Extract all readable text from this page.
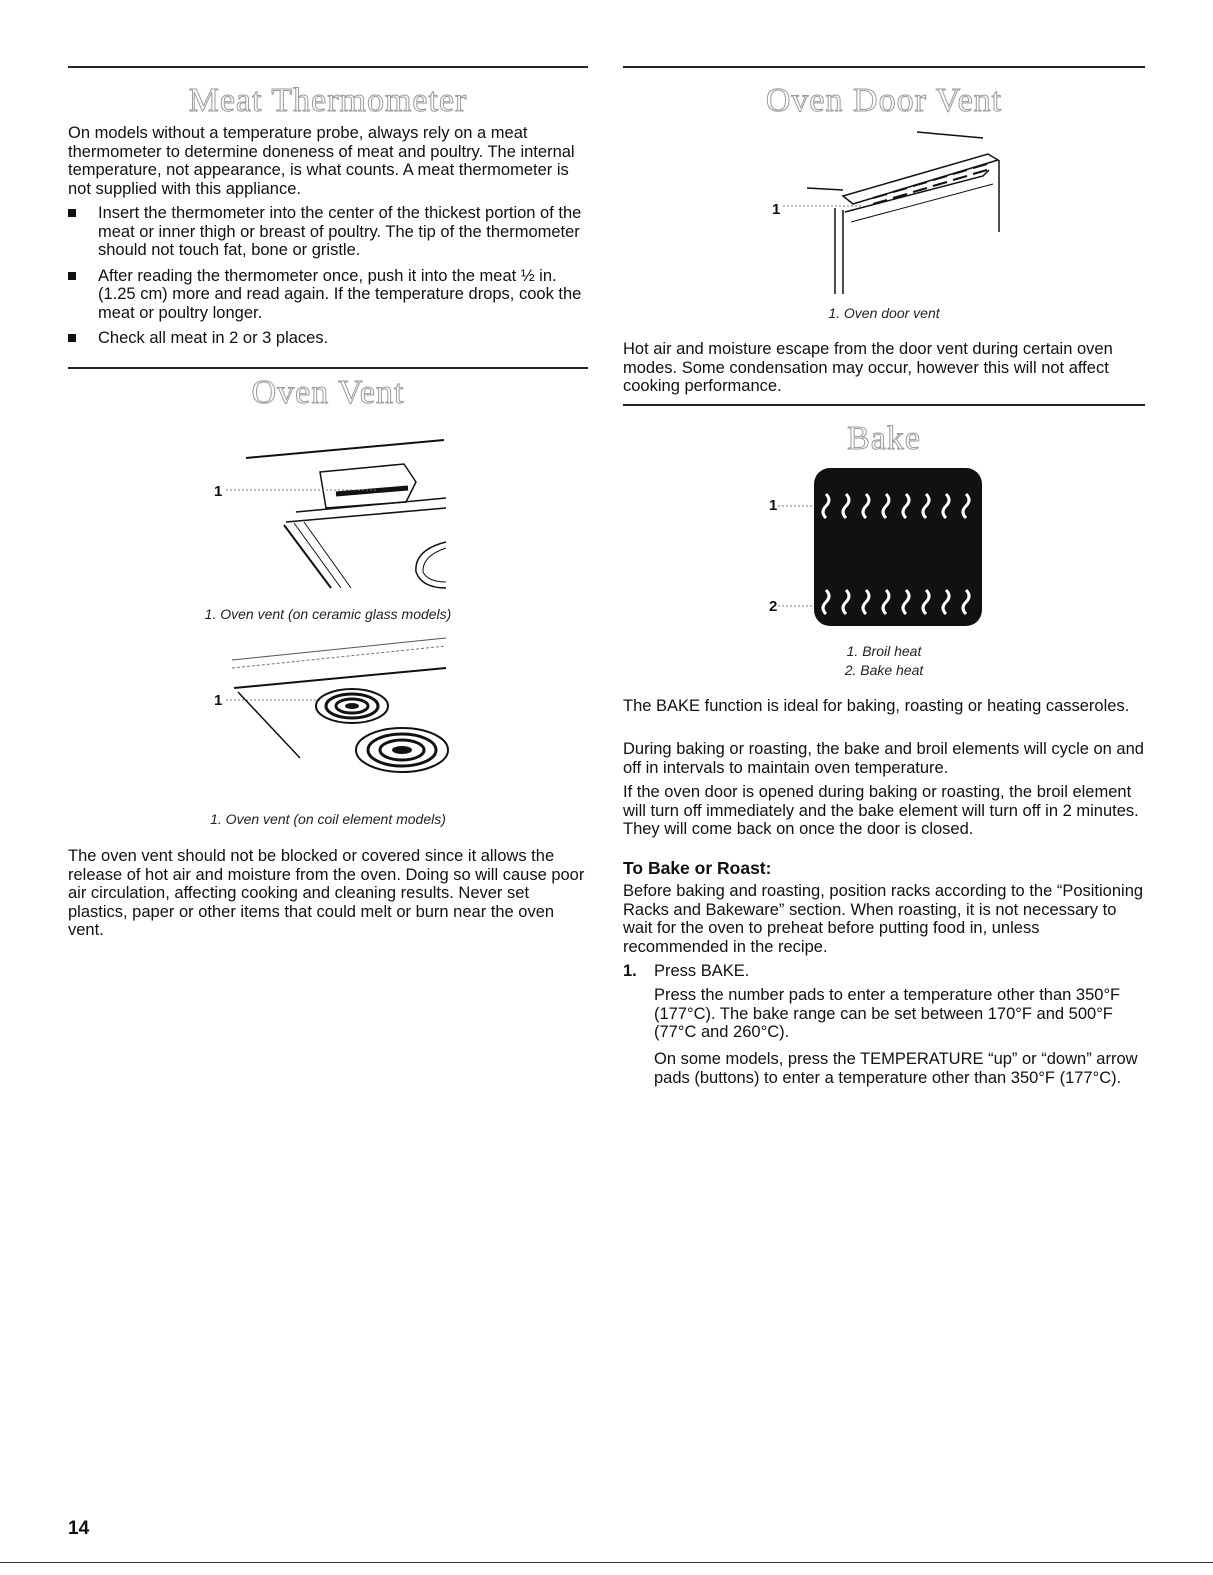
Meat Thermometer

On models without a temperature probe, always rely on a meat thermometer to determine doneness of meat and poultry. The internal temperature, not appearance, is what counts. A meat thermometer is not supplied with this appliance.

Insert the thermometer into the center of the thickest portion of the meat or inner thigh or breast of poultry. The tip of the thermometer should not touch fat, bone or gristle.
After reading the thermometer once, push it into the meat ½ in. (1.25 cm) more and read again. If the temperature drops, cook the meat or poultry longer.
Check all meat in 2 or 3 places.
Oven Vent
1
1. Oven vent (on ceramic glass models)
1
1. Oven vent (on coil element models)

The oven vent should not be blocked or covered since it allows the release of hot air and moisture from the oven. Doing so will cause poor air circulation, affecting cooking and cleaning results. Never set plastics, paper or other items that could melt or burn near the oven vent.

Oven Door Vent
1
1. Oven door vent

Hot air and moisture escape from the door vent during certain oven modes. Some condensation may occur, however this will not affect cooking performance.

Bake
1
2
1. Broil heat
2. Bake heat

The BAKE function is ideal for baking, roasting or heating casseroles.

During baking or roasting, the bake and broil elements will cycle on and off in intervals to maintain oven temperature.

If the oven door is opened during baking or roasting, the broil element will turn off immediately and the bake element will turn off in 2 minutes. They will come back on once the door is closed.

To Bake or Roast:

Before baking and roasting, position racks according to the “Positioning Racks and Bakeware” section. When roasting, it is not necessary to wait for the oven to preheat before putting food in, unless recommended in the recipe.

1. Press BAKE.

Press the number pads to enter a temperature other than 350°F (177°C). The bake range can be set between 170°F and 500°F (77°C and 260°C).

On some models, press the TEMPERATURE “up” or “down” arrow pads (buttons) to enter a temperature other than 350°F (177°C).

14
